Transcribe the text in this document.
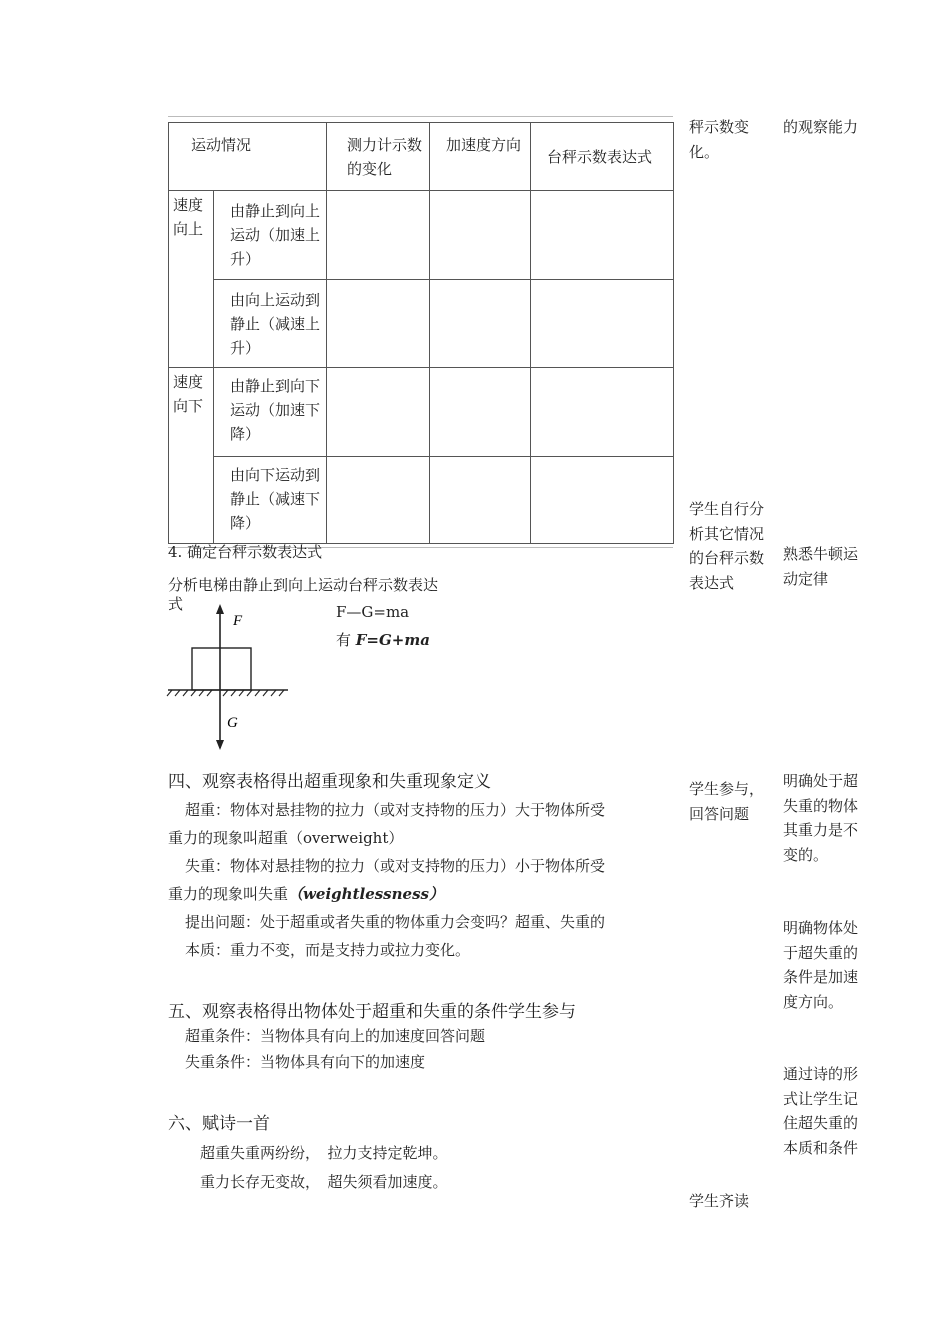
运动情况		测力计示数的变化	加速度方向	台秤示数表达式
速度向上	由静止到向上运动（加速上升）			
	由向上运动到静止（减速上升）			
速度向下	由静止到向下运动（加速下降）			
	由向下运动到静止（减速下降）			
4. 确定台秤示数表达式
分析电梯由静止到向上运动台秤示数表达
式	F—G=ma
有 F=G+ma
F
G
四、观察表格得出超重现象和失重现象定义
超重：物体对悬挂物的拉力（或对支持物的压力）大于物体所受
重力的现象叫超重（overweight）
失重：物体对悬挂物的拉力（或对支持物的压力）小于物体所受
重力的现象叫失重（weightlessness）
提出问题：处于超重或者失重的物体重力会变吗？超重、失重的
本质：重力不变，而是支持力或拉力变化。
五、观察表格得出物体处于超重和失重的条件学生参与
超重条件：当物体具有向上的加速度回答问题
失重条件：当物体具有向下的加速度
六、赋诗一首
超重失重两纷纷，　拉力支持定乾坤。
重力长存无变故，　超失须看加速度。
秤示数变化。
学生自行分析其它情况的台秤示数表达式
学生参与，回答问题
学生齐读
的观察能力
熟悉牛顿运动定律
明确处于超失重的物体其重力是不变的。
明确物体处于超失重的条件是加速度方向。
通过诗的形式让学生记住超失重的本质和条件
